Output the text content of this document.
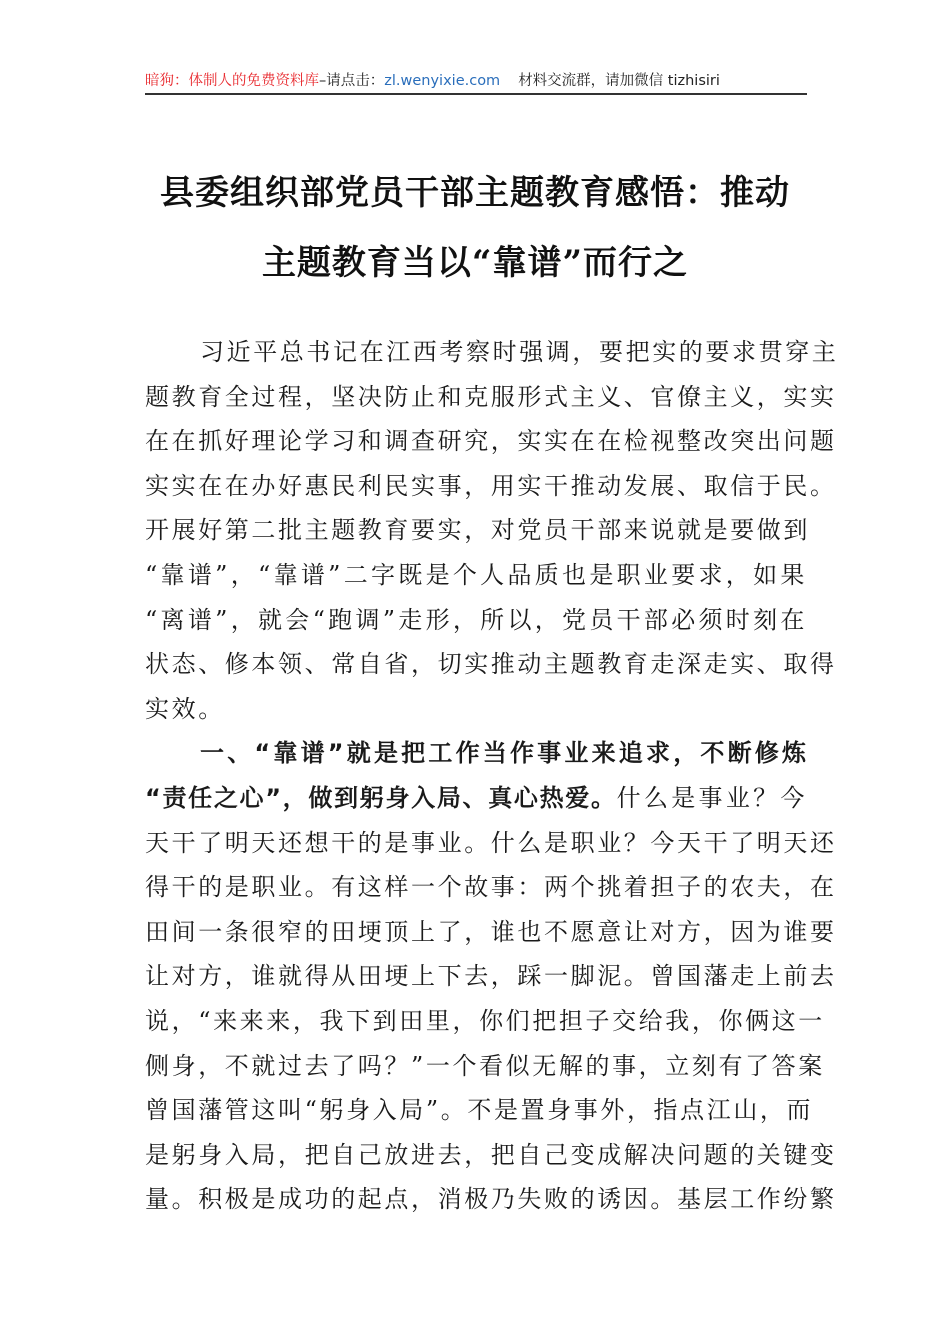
暗狗：体制人的免费资料库 –请点击： zl.wenyixie.com 材料交流群，请加微信 tizhisiri
县委组织部党员干部主题教育感悟：推动
主题教育当以“靠谱”而行之
习近平总书记在江西考察时强调，要把实的要求贯穿主
题教育全过程，坚决防止和克服形式主义、官僚主义，实实
在在抓好理论学习和调查研究，实实在在检视整改突出问题
实实在在办好惠民利民实事，用实干推动发展、取信于民。
开展好第二批主题教育要实，对党员干部来说就是要做到
“靠谱”，“靠谱”二字既是个人品质也是职业要求，如果
“离谱”，就会“跑调”走形，所以，党员干部必须时刻在
状态、修本领、常自省，切实推动主题教育走深走实、取得
实效。
一、“靠谱”就是把工作当作事业来追求，不断修炼
“责任之心”，做到躬身入局、真心热爱。什么是事业？今
天干了明天还想干的是事业。什么是职业？今天干了明天还
得干的是职业。有这样一个故事：两个挑着担子的农夫，在
田间一条很窄的田埂顶上了，谁也不愿意让对方，因为谁要
让对方，谁就得从田埂上下去，踩一脚泥。曾国藩走上前去
说，“来来来，我下到田里，你们把担子交给我，你俩这一
侧身，不就过去了吗？”一个看似无解的事，立刻有了答案
曾国藩管这叫“躬身入局”。不是置身事外，指点江山，而
是躬身入局，把自己放进去，把自己变成解决问题的关键变
量。积极是成功的起点，消极乃失败的诱因。基层工作纷繁
